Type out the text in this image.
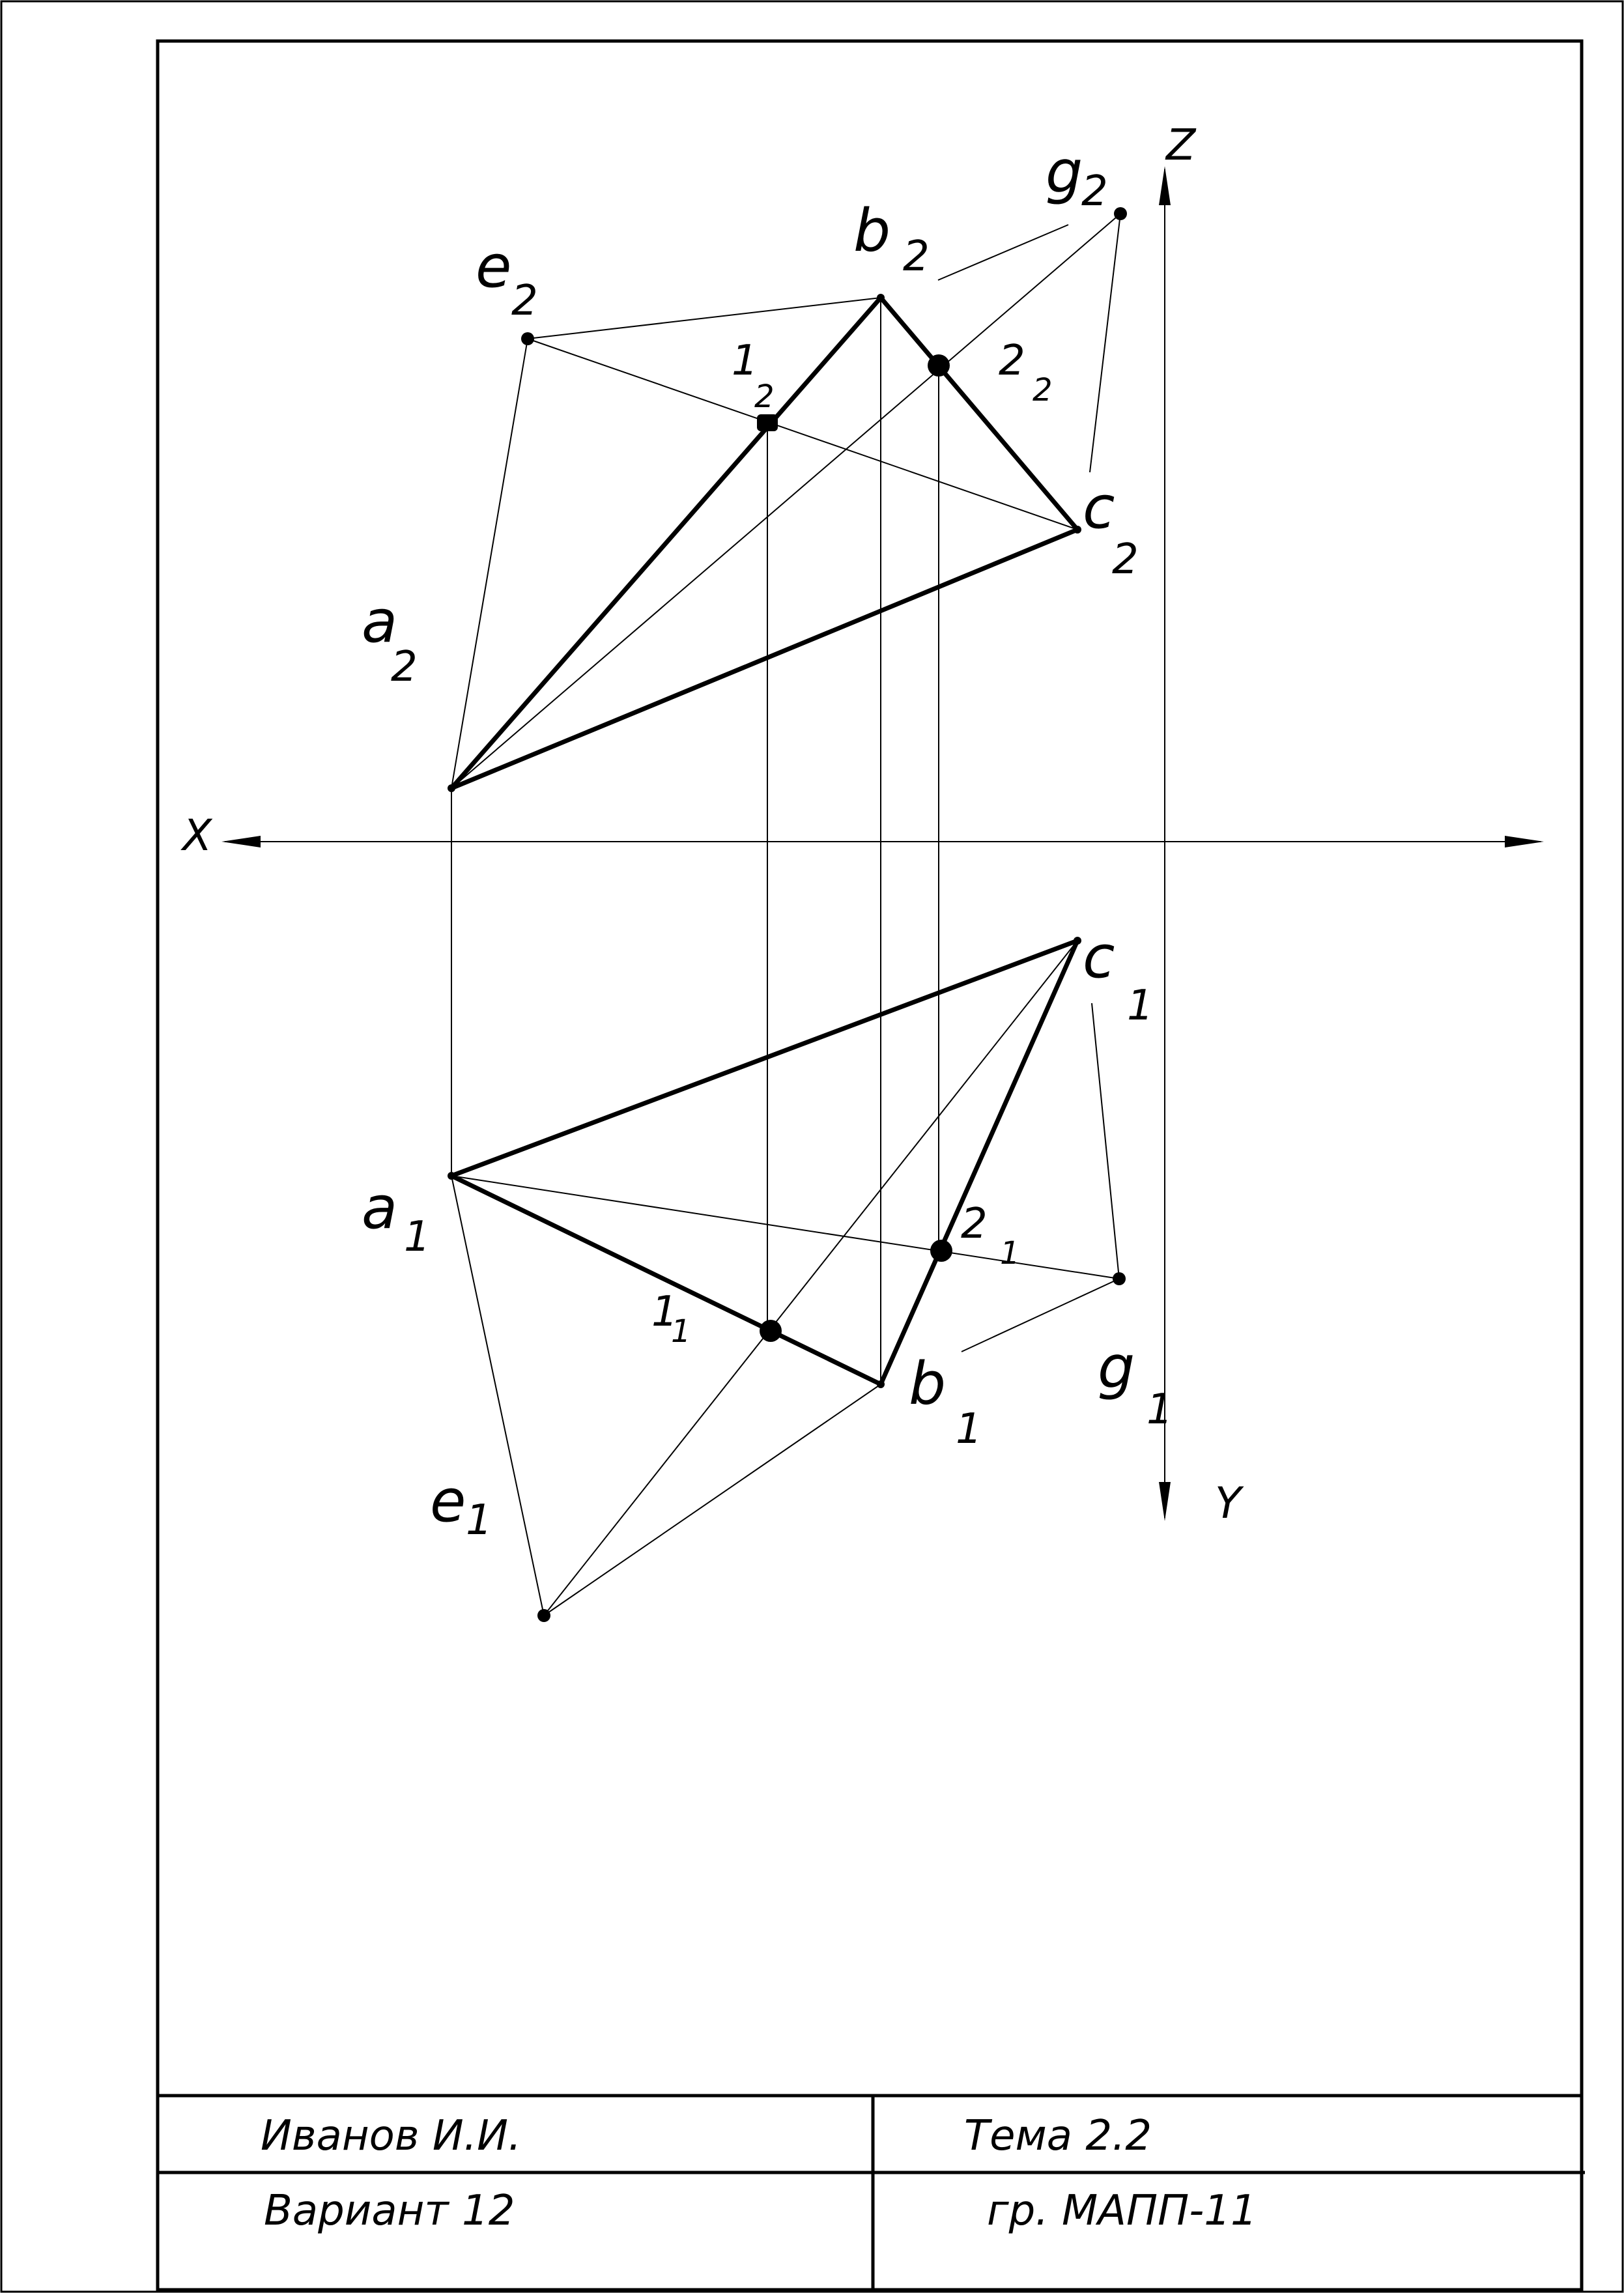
e 2
b 2
g
2
1
2
2
2
c
2
a
2
c
1
a 1	2
1
1
1
b
1
g
1
e 1
X
Z
Y
Иванов И.И.
Вариант 12
Тема 2.2
гр. МАПП-11
